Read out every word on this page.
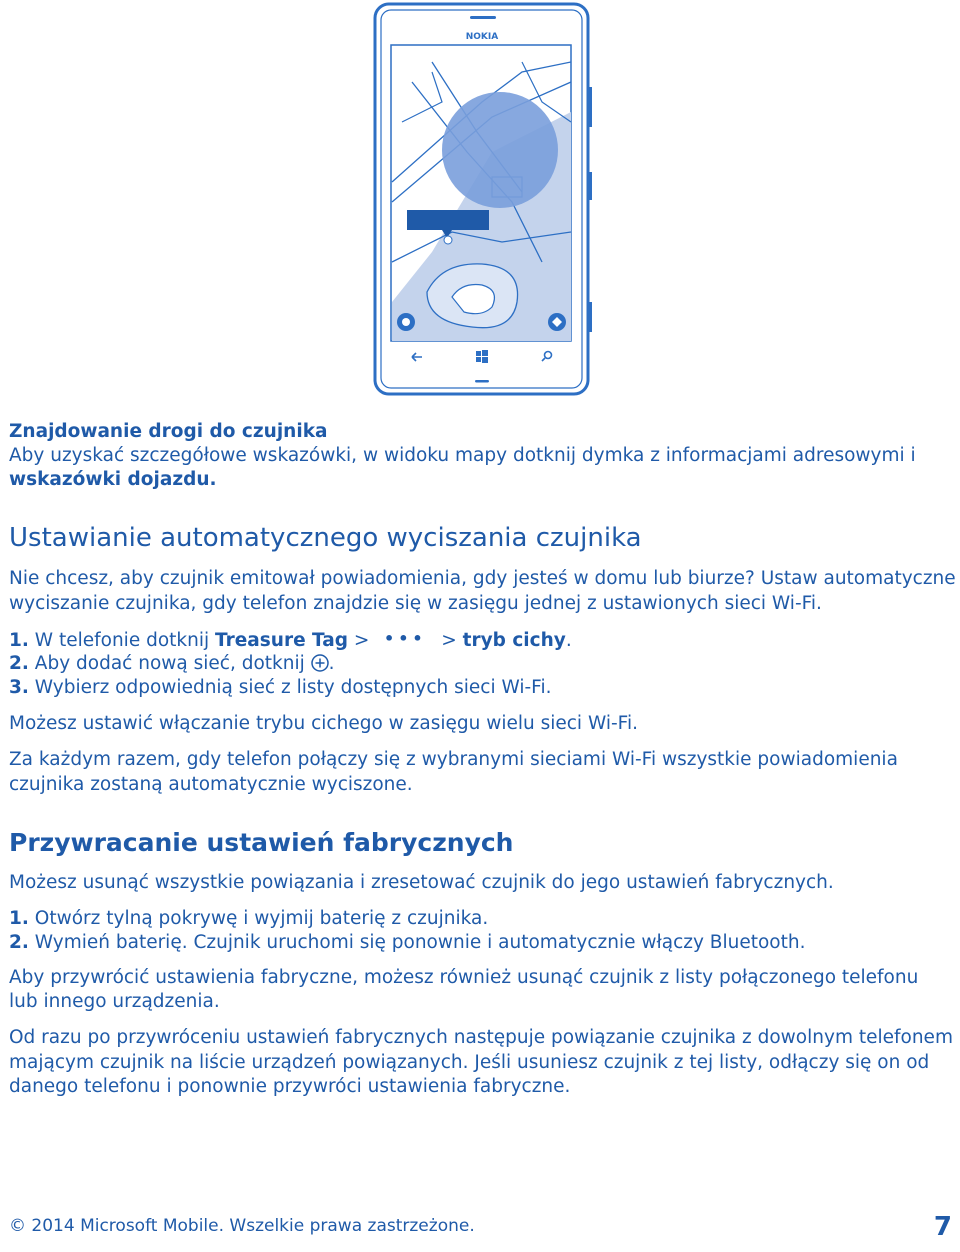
NOKIA
Znajdowanie drogi do czujnika

Aby uzyskać szczegółowe wskazówki, w widoku mapy dotknij dymka z informacjami adresowymi i

wskazówki dojazdu.

Ustawianie automatycznego wyciszania czujnika

Nie chcesz, aby czujnik emitował powiadomienia, gdy jesteś w domu lub biurze? Ustaw automatyczne

wyciszanie czujnika, gdy telefon znajdzie się w zasięgu jednej z ustawionych sieci Wi-Fi.

1. W telefonie dotknij Treasure Tag > ••• > tryb cichy.

2. Aby dodać nową sieć, dotknij .

3. Wybierz odpowiednią sieć z listy dostępnych sieci Wi-Fi.

Możesz ustawić włączanie trybu cichego w zasięgu wielu sieci Wi-Fi.

Za każdym razem, gdy telefon połączy się z wybranymi sieciami Wi-Fi wszystkie powiadomienia

czujnika zostaną automatycznie wyciszone.

Przywracanie ustawień fabrycznych

Możesz usunąć wszystkie powiązania i zresetować czujnik do jego ustawień fabrycznych.

1. Otwórz tylną pokrywę i wyjmij baterię z czujnika.

2. Wymień baterię. Czujnik uruchomi się ponownie i automatycznie włączy Bluetooth.

Aby przywrócić ustawienia fabryczne, możesz również usunąć czujnik z listy połączonego telefonu

lub innego urządzenia.

Od razu po przywróceniu ustawień fabrycznych następuje powiązanie czujnika z dowolnym telefonem

mającym czujnik na liście urządzeń powiązanych. Jeśli usuniesz czujnik z tej listy, odłączy się on od

danego telefonu i ponownie przywróci ustawienia fabryczne.

© 2014 Microsoft Mobile. Wszelkie prawa zastrzeżone.	7
